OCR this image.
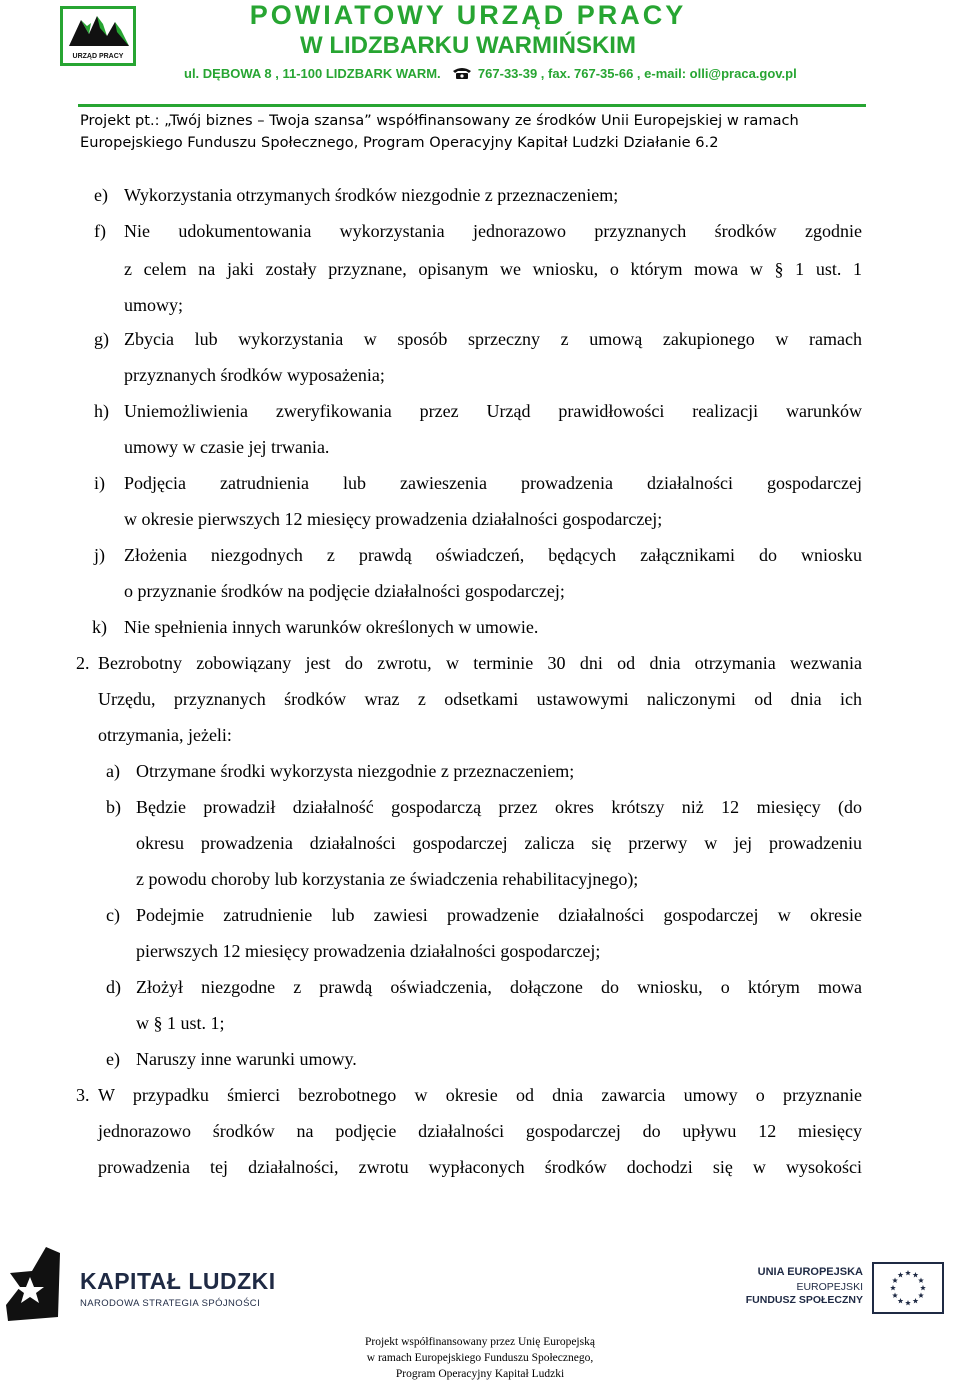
URZĄD PRACY
POWIATOWY URZĄD PRACY
W LIDZBARKU WARMIŃSKIM
ul. DĘBOWA 8 , 11-100 LIDZBARK WARM.	767-33-39 , fax. 767-35-66 , e-mail: olli@praca.gov.pl
Projekt pt.: „Twój biznes – Twoja szansa” współfinansowany ze środków Unii Europejskiej w ramach
Europejskiego Funduszu Społecznego, Program Operacyjny Kapitał Ludzki Działanie 6.2
e) Wykorzystania otrzymanych środków niezgodnie z przeznaczeniem;
f) Nie udokumentowania wykorzystania jednorazowo przyznanych środków zgodnie
z celem na jaki zostały przyznane, opisanym we wniosku, o którym mowa w § 1 ust. 1
umowy;
g) Zbycia lub wykorzystania w sposób sprzeczny z umową zakupionego w ramach
przyznanych środków wyposażenia;
h) Uniemożliwienia zweryfikowania przez Urząd prawidłowości realizacji warunków
umowy w czasie jej trwania.
i) Podjęcia zatrudnienia lub zawieszenia prowadzenia działalności gospodarczej
w okresie pierwszych 12 miesięcy prowadzenia działalności gospodarczej;
j) Złożenia niezgodnych z prawdą oświadczeń, będących załącznikami do wniosku
o przyznanie środków na podjęcie działalności gospodarczej;
k) Nie spełnienia innych warunków określonych w umowie.
2. Bezrobotny zobowiązany jest do zwrotu, w terminie 30 dni od dnia otrzymania wezwania
Urzędu, przyznanych środków wraz z odsetkami ustawowymi naliczonymi od dnia ich
otrzymania, jeżeli:
a) Otrzymane środki wykorzysta niezgodnie z przeznaczeniem;
b) Będzie prowadził działalność gospodarczą przez okres krótszy niż 12 miesięcy (do
okresu prowadzenia działalności gospodarczej zalicza się przerwy w jej prowadzeniu
z powodu choroby lub korzystania ze świadczenia rehabilitacyjnego);
c) Podejmie zatrudnienie lub zawiesi prowadzenie działalności gospodarczej w okresie
pierwszych 12 miesięcy prowadzenia działalności gospodarczej;
d) Złożył niezgodne z prawdą oświadczenia, dołączone do wniosku, o którym mowa
w § 1 ust. 1;
e) Naruszy inne warunki umowy.
3. W przypadku śmierci bezrobotnego w okresie od dnia zawarcia umowy o przyznanie
jednorazowo środków na podjęcie działalności gospodarczej do upływu 12 miesięcy
prowadzenia tej działalności, zwrotu wypłaconych środków dochodzi się w wysokości
KAPITAŁ LUDZKI
NARODOWA STRATEGIA SPÓJNOŚCI
UNIA EUROPEJSKA
EUROPEJSKI
FUNDUSZ SPOŁECZNY
Projekt współfinansowany przez Unię Europejską
w ramach Europejskiego Funduszu Społecznego,
Program Operacyjny Kapitał Ludzki
